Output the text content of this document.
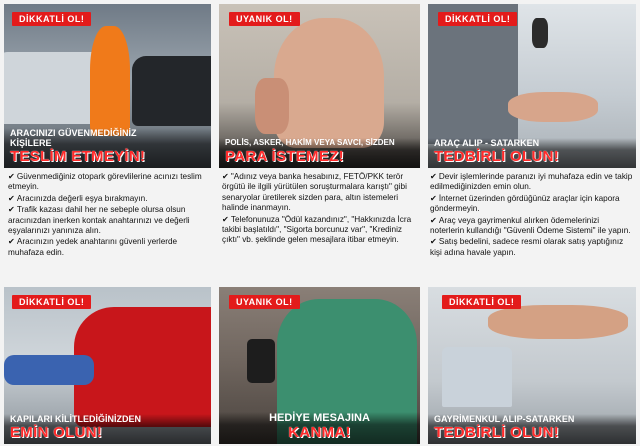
DİKKATLİ OL!
ARACINIZI GÜVENMEDİĞİNİZ KİŞİLERE
TESLİM ETMEYİN!
UYANIK OL!
POLİS, ASKER, HAKİM VEYA SAVCI, SİZDEN
PARA İSTEMEZ!
DİKKATLİ OL!
ARAÇ ALIP - SATARKEN
TEDBİRLİ OLUN!

✔ Güvenmediğiniz otopark görevlilerine acınızı teslim etmeyin.

✔ Aracınızda değerli eşya bırakmayın.

✔ Trafik kazası dahil her ne sebeple olursa olsun aracınızdan inerken kontak anahtarınızı ve değerli eşyalarınızı yanınıza alın.

✔ Aracınızın yedek anahtarını güvenli yerlerde muhafaza edin.

✔ "Adınız veya banka hesabınız, FETÖ/PKK terör örgütü ile ilgili yürütülen soruşturmalara karıştı" gibi senaryolar üretilerek sizden para, altın istemeleri halinde inanmayın.

✔ Telefonunuza "Ödül kazandınız", "Hakkınızda İcra takibi başlatıldı", "Sigorta borcunuz var", "Krediniz çıktı" vb. şeklinde gelen mesajlara itibar etmeyin.

✔ Devir işlemlerinde paranızı iyi muhafaza edin ve takip edilmediğinizden emin olun.

✔ İnternet üzerinden gördüğünüz araçlar için kapora göndermeyin.

✔ Araç veya gayrimenkul alırken ödemelerinizi noterlerin kullandığı "Güvenli Ödeme Sistemi" ile yapın.

✔ Satış bedelini, sadece resmi olarak satış yaptığınız kişi adına havale yapın.

DİKKATLİ OL!
KAPILARI KİLİTLEDİĞİNİZDEN
EMİN OLUN!
UYANIK OL!
HEDİYE MESAJINA
KANMA!
DİKKATLİ OL!
GAYRİMENKUL ALIP-SATARKEN
TEDBİRLİ OLUN!
